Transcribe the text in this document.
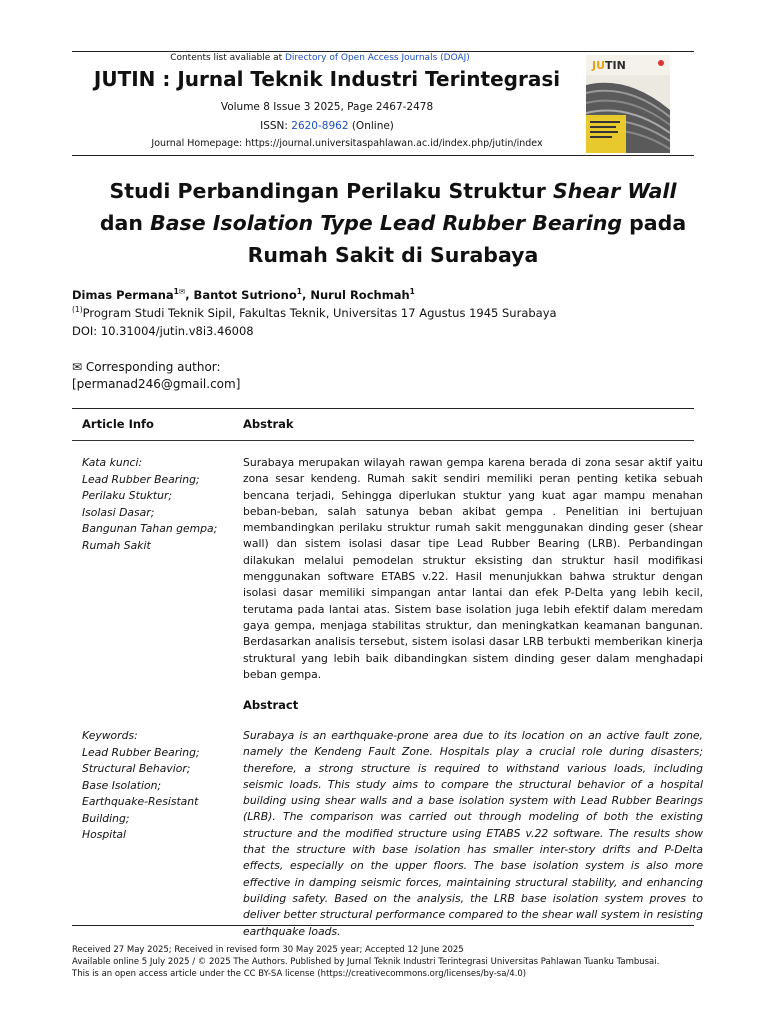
Contents list avaliable at Directory of Open Access Journals (DOAJ)
JUTIN : Jurnal Teknik Industri Terintegrasi
Volume 8 Issue 3 2025, Page 2467-2478
ISSN: 2620-8962 (Online)
Journal Homepage: https://journal.universitaspahlawan.ac.id/index.php/jutin/index
JUTIN
Studi Perbandingan Perilaku Struktur Shear Wall
dan Base Isolation Type Lead Rubber Bearing pada
Rumah Sakit di Surabaya
Dimas Permana$^{1✉}$, Bantot Sutriono$^1$, Nurul Rochmah$^1$
$^{(1)}$Program Studi Teknik Sipil, Fakultas Teknik, Universitas 17 Agustus 1945 Surabaya
DOI: 10.31004/jutin.v8i3.46008
✉ Corresponding author:
[permanad246@gmail.com]
Article Info	Abstrak
Kata kunci:
Lead Rubber Bearing;
Perilaku Stuktur;
Isolasi Dasar;
Bangunan Tahan gempa;
Rumah Sakit
Surabaya merupakan wilayah rawan gempa karena berada di zona sesar aktif yaitu zona sesar kendeng. Rumah sakit sendiri memiliki peran penting ketika sebuah bencana terjadi, Sehingga diperlukan stuktur yang kuat agar mampu menahan beban-beban, salah satunya beban akibat gempa . Penelitian ini bertujuan membandingkan perilaku struktur rumah sakit menggunakan dinding geser (shear wall) dan sistem isolasi dasar tipe Lead Rubber Bearing (LRB). Perbandingan dilakukan melalui pemodelan struktur eksisting dan struktur hasil modifikasi menggunakan software ETABS v.22. Hasil menunjukkan bahwa struktur dengan isolasi dasar memiliki simpangan antar lantai dan efek P-Delta yang lebih kecil, terutama pada lantai atas. Sistem base isolation juga lebih efektif dalam meredam gaya gempa, menjaga stabilitas struktur, dan meningkatkan keamanan bangunan. Berdasarkan analisis tersebut, sistem isolasi dasar LRB terbukti memberikan kinerja struktural yang lebih baik dibandingkan sistem dinding geser dalam menghadapi beban gempa.
Abstract
Keywords:
Lead Rubber Bearing;
Structural Behavior;
Base Isolation;
Earthquake-Resistant
Building;
Hospital
Surabaya is an earthquake-prone area due to its location on an active fault zone, namely the Kendeng Fault Zone. Hospitals play a crucial role during disasters; therefore, a strong structure is required to withstand various loads, including seismic loads. This study aims to compare the structural behavior of a hospital building using shear walls and a base isolation system with Lead Rubber Bearings (LRB). The comparison was carried out through modeling of both the existing structure and the modified structure using ETABS v.22 software. The results show that the structure with base isolation has smaller inter-story drifts and P-Delta effects, especially on the upper floors. The base isolation system is also more effective in damping seismic forces, maintaining structural stability, and enhancing building safety. Based on the analysis, the LRB base isolation system proves to deliver better structural performance compared to the shear wall system in resisting earthquake loads.
Received 27 May 2025; Received in revised form 30 May 2025 year; Accepted 12 June 2025
Available online 5 July 2025 / © 2025 The Authors. Published by Jurnal Teknik Industri Terintegrasi Universitas Pahlawan Tuanku Tambusai.
This is an open access article under the CC BY-SA license (https://creativecommons.org/licenses/by-sa/4.0)
